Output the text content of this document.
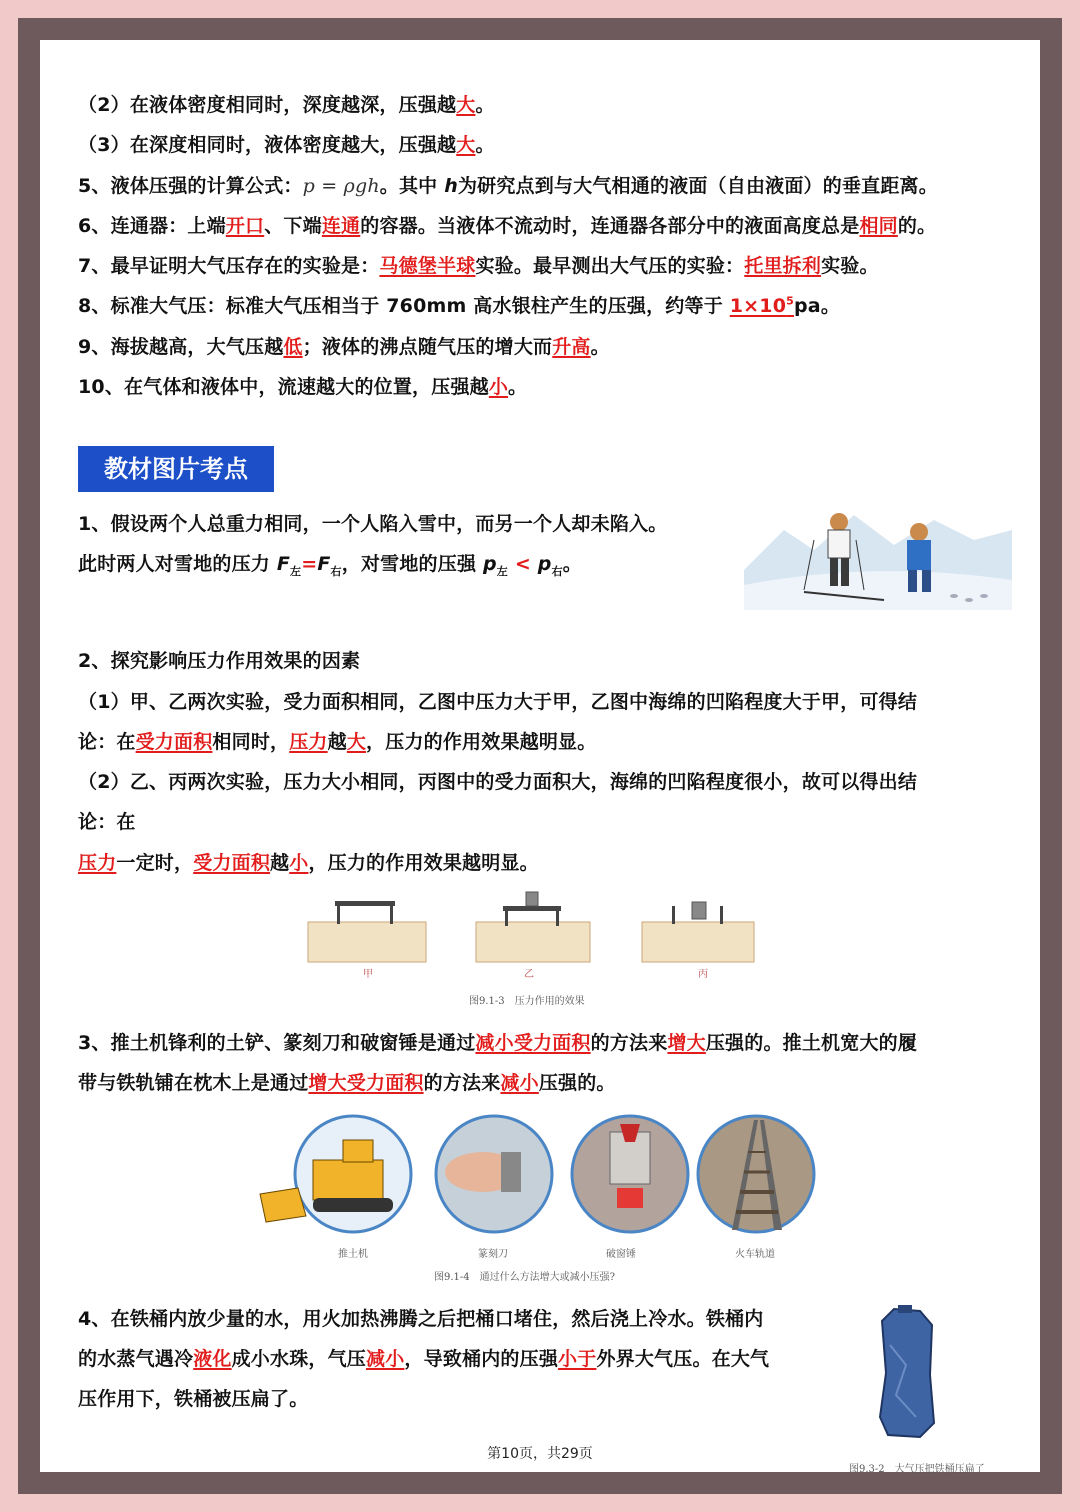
（2）在液体密度相同时，深度越深，压强越大。
（3）在深度相同时，液体密度越大，压强越大。
5、液体压强的计算公式：p = ρgh。其中 h为研究点到与大气相通的液面（自由液面）的垂直距离。
6、连通器：上端开口、下端连通的容器。当液体不流动时，连通器各部分中的液面高度总是相同的。
7、最早证明大气压存在的实验是：马德堡半球实验。最早测出大气压的实验：托里拆利实验。
8、标准大气压：标准大气压相当于 760mm 高水银柱产生的压强，约等于 $1\times 10^5pa$。
9、海拔越高，大气压越低；液体的沸点随气压的增大而升高。
10、在气体和液体中，流速越大的位置，压强越小。
教材图片考点
1、假设两个人总重力相同，一个人陷入雪中，而另一个人却未陷入。
此时两人对雪地的压力 $F_左=F_右$，对雪地的压强 $p_左 < p_右$。
2、探究影响压力作用效果的因素
（1）甲、乙两次实验，受力面积相同，乙图中压力大于甲，乙图中海绵的凹陷程度大于甲，可得结
论：在受力面积相同时，压力越大，压力的作用效果越明显。
（2）乙、丙两次实验，压力大小相同，丙图中的受力面积大，海绵的凹陷程度很小，故可以得出结
论：在
压力一定时，受力面积越小，压力的作用效果越明显。
甲	乙	丙
图9.1-3　压力作用的效果
3、推土机锋利的土铲、篆刻刀和破窗锤是通过减小受力面积的方法来增大压强的。推土机宽大的履
带与铁轨铺在枕木上是通过增大受力面积的方法来减小压强的。
推土机	篆刻刀	破窗锤	火车轨道
图9.1-4　通过什么方法增大或减小压强?
4、在铁桶内放少量的水，用火加热沸腾之后把桶口堵住，然后浇上冷水。铁桶内
的水蒸气遇冷液化成小水珠，气压减小，导致桶内的压强小于外界大气压。在大气
压作用下，铁桶被压扁了。
图9.3-2　大气压把铁桶压扁了
第10页，共29页
